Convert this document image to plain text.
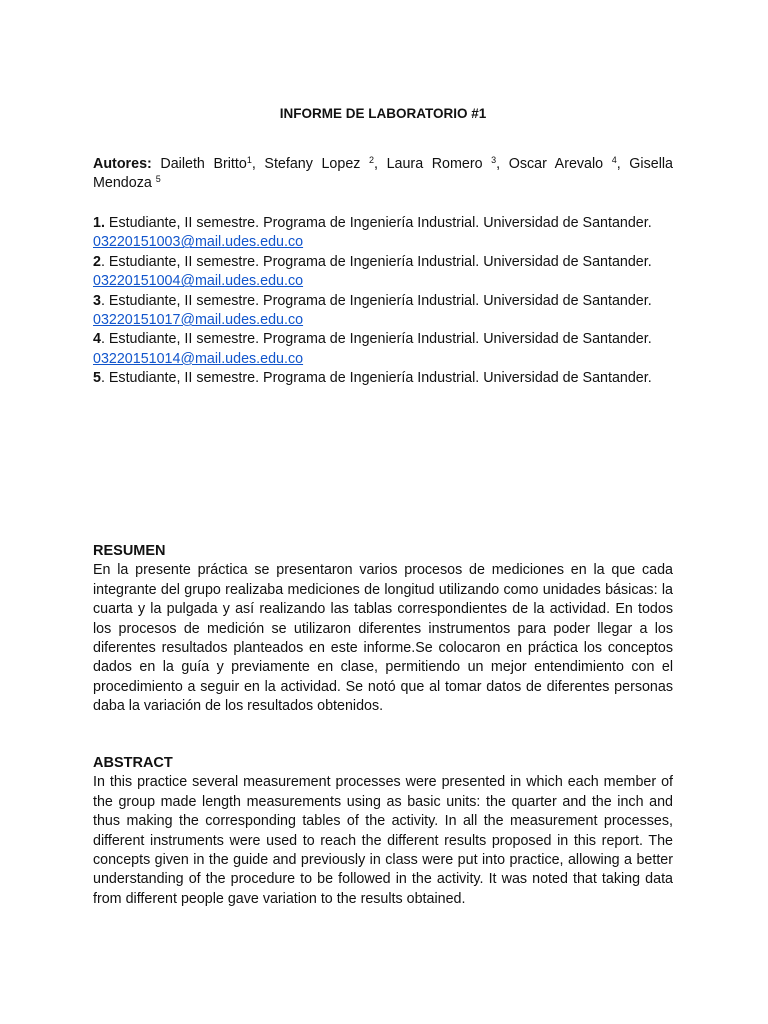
INFORME DE LABORATORIO #1
Autores: Daileth Britto$^1$, Stefany Lopez $^2$, Laura Romero $^3$, Oscar Arevalo $^4$, Gisella Mendoza $^5$

1. Estudiante, II semestre. Programa de Ingeniería Industrial. Universidad de Santander.

03220151003@mail.udes.edu.co

2. Estudiante, II semestre. Programa de Ingeniería Industrial. Universidad de Santander.

03220151004@mail.udes.edu.co

3. Estudiante, II semestre. Programa de Ingeniería Industrial. Universidad de Santander.

03220151017@mail.udes.edu.co

4. Estudiante, II semestre. Programa de Ingeniería Industrial. Universidad de Santander.

03220151014@mail.udes.edu.co

5. Estudiante, II semestre. Programa de Ingeniería Industrial. Universidad de Santander.

RESUMEN

En la presente práctica se presentaron varios procesos de mediciones en la que cada integrante del grupo realizaba mediciones de longitud utilizando como unidades básicas: la cuarta y la pulgada y así realizando las tablas correspondientes de la actividad. En todos los procesos de medición se utilizaron diferentes instrumentos para poder llegar a los diferentes resultados planteados en este informe.Se colocaron en práctica los conceptos dados en la guía y previamente en clase, permitiendo un mejor entendimiento con el procedimiento a seguir en la actividad. Se notó que al tomar datos de diferentes personas daba la variación de los resultados obtenidos.

ABSTRACT

In this practice several measurement processes were presented in which each member of the group made length measurements using as basic units: the quarter and the inch and thus making the corresponding tables of the activity. In all the measurement processes, different instruments were used to reach the different results proposed in this report. The concepts given in the guide and previously in class were put into practice, allowing a better understanding of the procedure to be followed in the activity. It was noted that taking data from different people gave variation to the results obtained.
